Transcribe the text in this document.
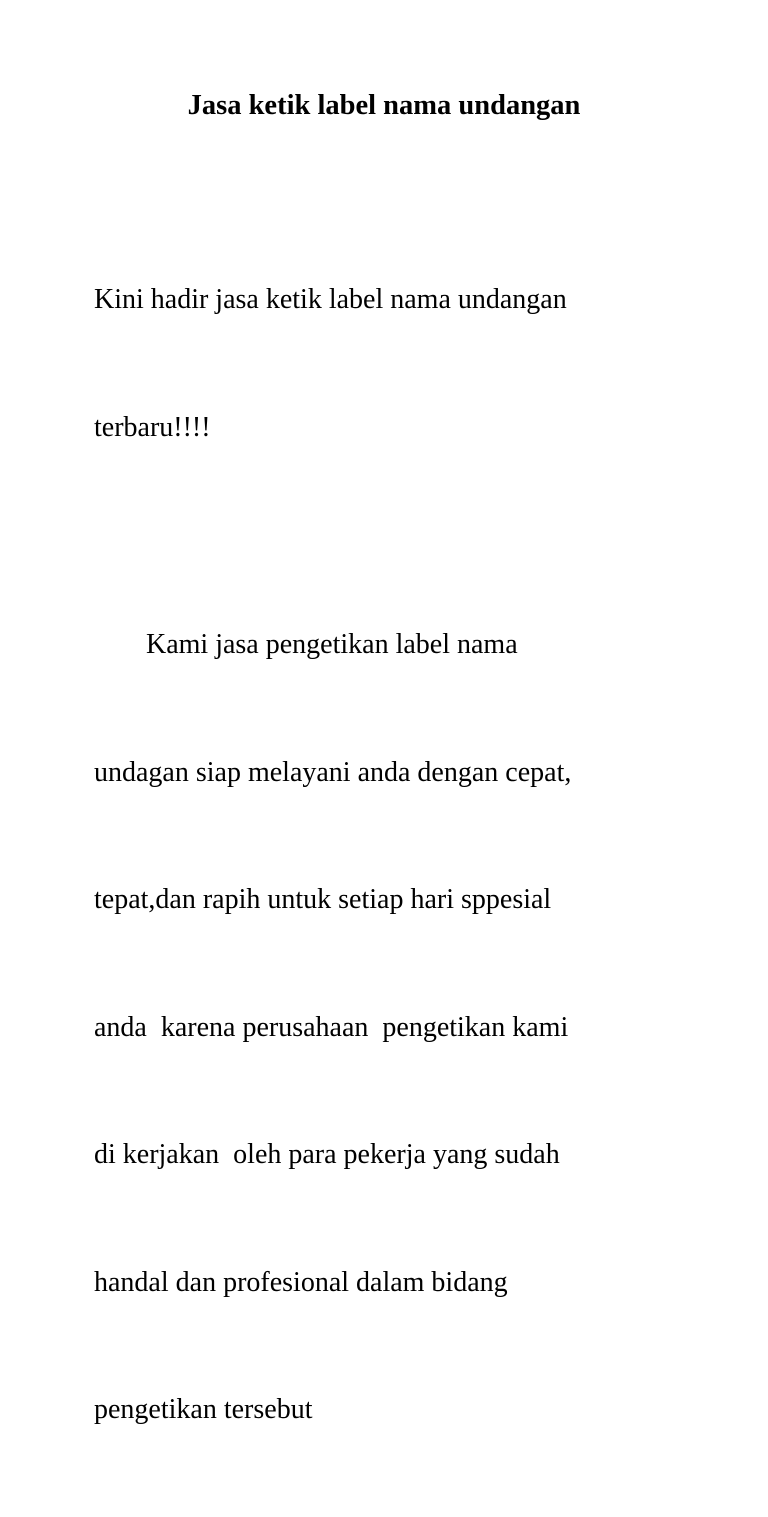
Jasa ketik label nama undangan

Kini hadir jasa ketik label nama undangan

terbaru!!!!

Kami jasa pengetikan label nama

undagan siap melayani anda dengan cepat,

tepat,dan rapih untuk setiap hari sppesial

anda  karena perusahaan  pengetikan kami

di kerjakan  oleh para pekerja yang sudah

handal dan profesional dalam bidang

pengetikan tersebut
